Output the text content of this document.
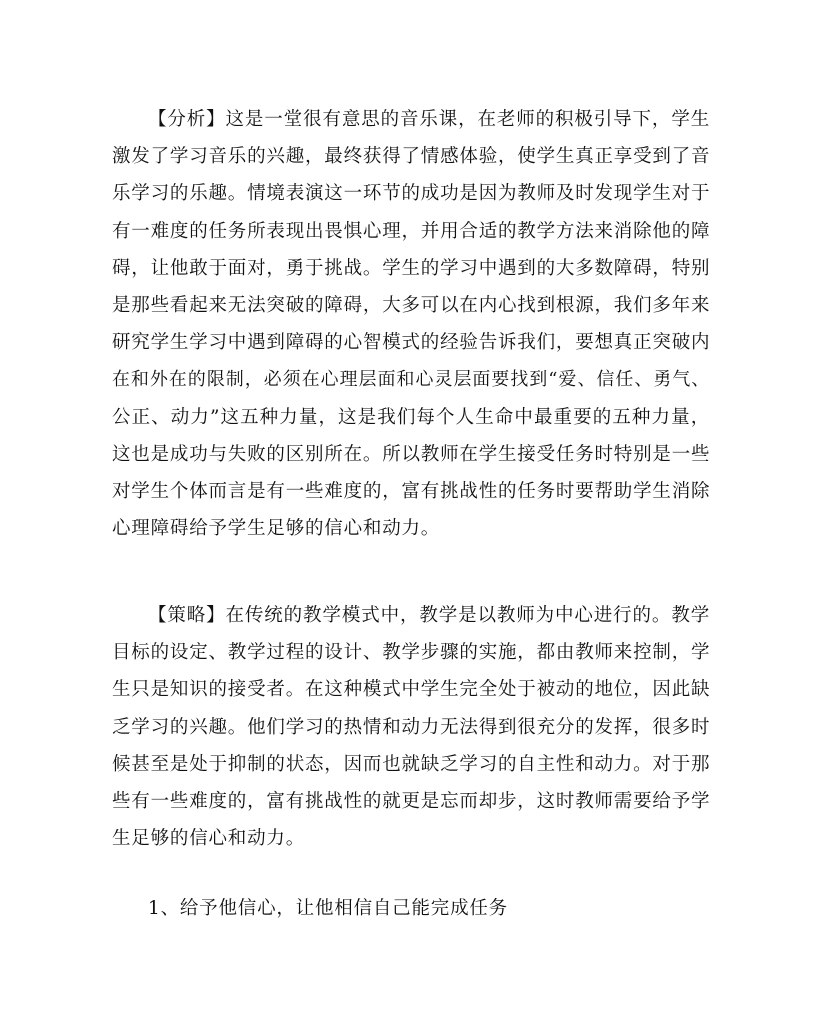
【分析】这是一堂很有意思的音乐课，在老师的积极引导下，学生
激发了学习音乐的兴趣，最终获得了情感体验，使学生真正享受到了音
乐学习的乐趣。情境表演这一环节的成功是因为教师及时发现学生对于
有一难度的任务所表现出畏惧心理，并用合适的教学方法来消除他的障
碍，让他敢于面对，勇于挑战。学生的学习中遇到的大多数障碍，特别
是那些看起来无法突破的障碍，大多可以在内心找到根源，我们多年来
研究学生学习中遇到障碍的心智模式的经验告诉我们，要想真正突破内
在和外在的限制，必须在心理层面和心灵层面要找到“爱、信任、勇气、
公正、动力”这五种力量，这是我们每个人生命中最重要的五种力量，
这也是成功与失败的区别所在。所以教师在学生接受任务时特别是一些
对学生个体而言是有一些难度的，富有挑战性的任务时要帮助学生消除
心理障碍给予学生足够的信心和动力。
【策略】在传统的教学模式中，教学是以教师为中心进行的。教学
目标的设定、教学过程的设计、教学步骤的实施，都由教师来控制，学
生只是知识的接受者。在这种模式中学生完全处于被动的地位，因此缺
乏学习的兴趣。他们学习的热情和动力无法得到很充分的发挥，很多时
候甚至是处于抑制的状态，因而也就缺乏学习的自主性和动力。对于那
些有一些难度的，富有挑战性的就更是忘而却步，这时教师需要给予学
生足够的信心和动力。
1、给予他信心，让他相信自己能完成任务
